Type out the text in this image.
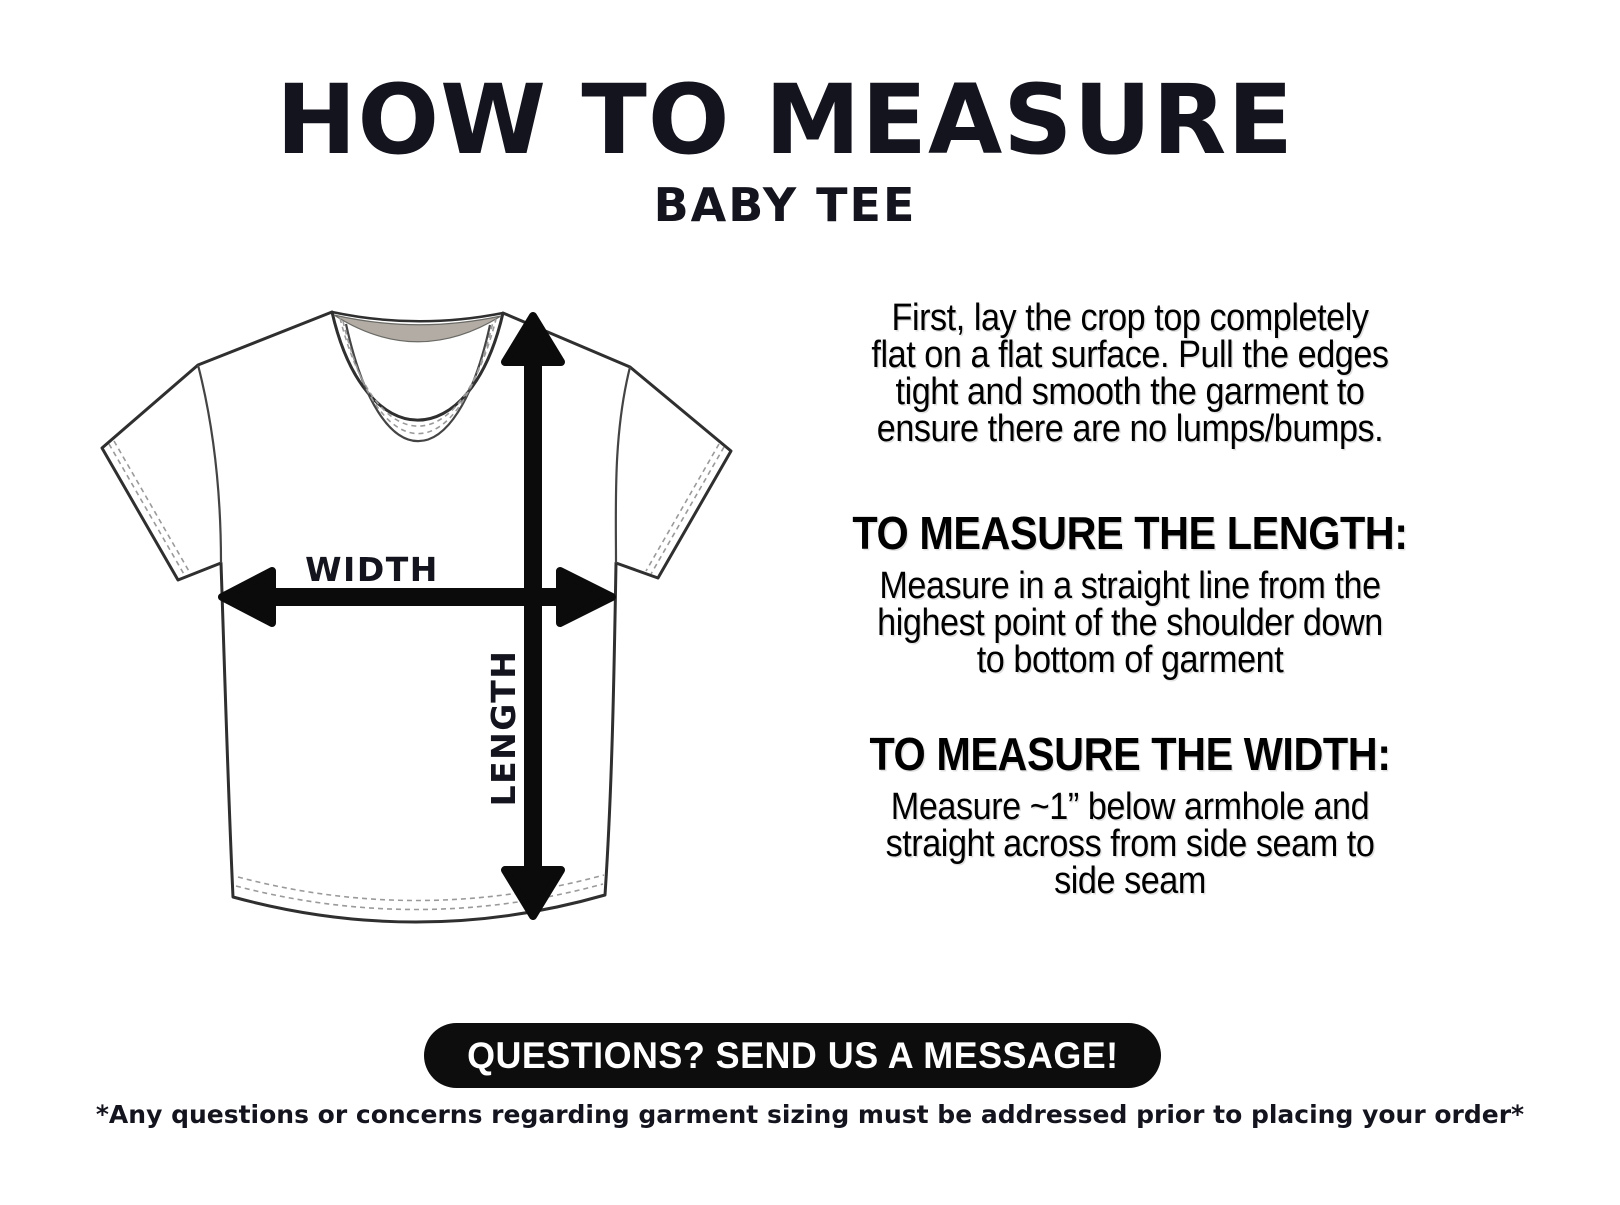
HOW TO MEASURE
BABY TEE
WIDTH
LENGTH
First, lay the crop top completely
flat on a flat surface. Pull the edges
tight and smooth the garment to
ensure there are no lumps/bumps.
TO MEASURE THE LENGTH:
Measure in a straight line from the
highest point of the shoulder down
to bottom of garment
TO MEASURE THE WIDTH:
Measure ~1” below armhole and
straight across from side seam to
side seam
QUESTIONS? SEND US A MESSAGE!
*Any questions or concerns regarding garment sizing must be addressed prior to placing your order*
